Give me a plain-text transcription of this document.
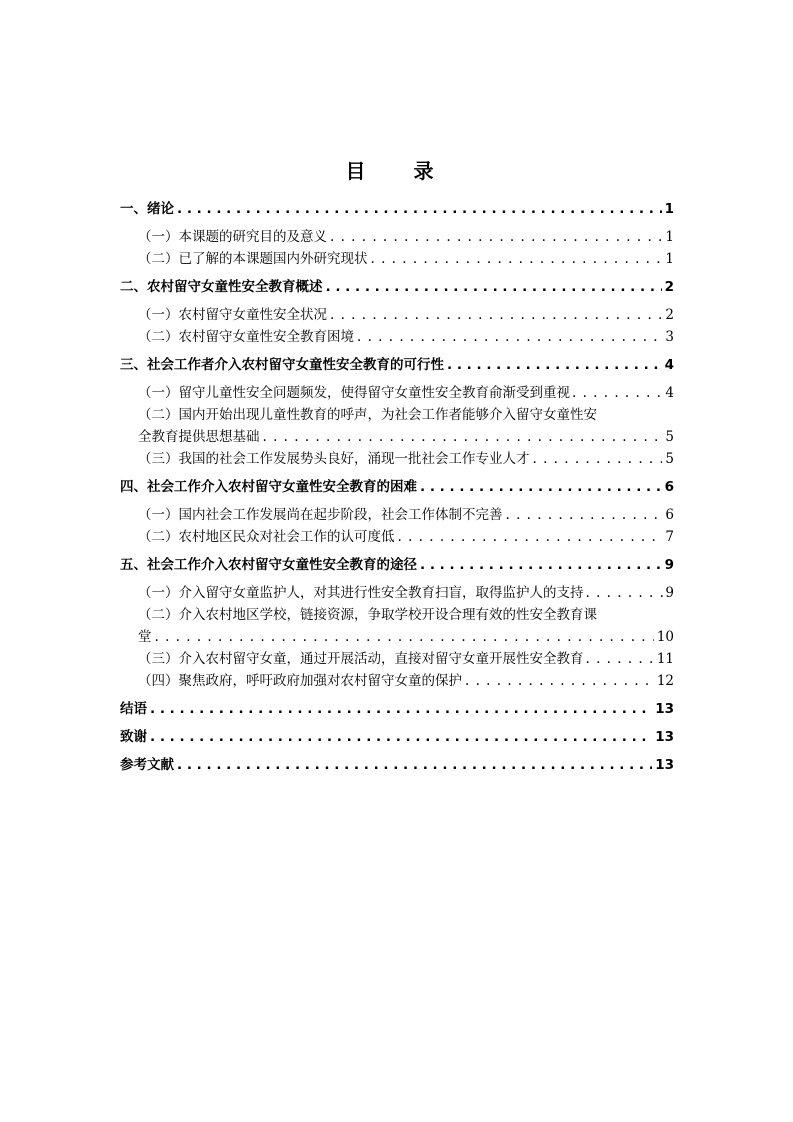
目　录
一、绪论 . . .	1
（一）本课题的研究目的及意义 . . .	1
（二）已了解的本课题国内外研究现状 . . .	1
二、农村留守女童性安全教育概述 . . .	2
（一）农村留守女童性安全状况 . . .	2
（二）农村留守女童性安全教育困境 . . .	3
三、社会工作者介入农村留守女童性安全教育的可行性 . . .	4
（一）留守儿童性安全问题频发，使得留守女童性安全教育俞渐受到重视 . . .	4
（二）国内开始出现儿童性教育的呼声，为社会工作者能够介入留守女童性安
全教育提供思想基础 . . .	5
（三）我国的社会工作发展势头良好，涌现一批社会工作专业人才 . . .	5
四、社会工作介入农村留守女童性安全教育的困难 . . .	6
（一）国内社会工作发展尚在起步阶段，社会工作体制不完善 . . .	6
（二）农村地区民众对社会工作的认可度低 . . .	7
五、社会工作介入农村留守女童性安全教育的途径 . . .	9
（一）介入留守女童监护人，对其进行性安全教育扫盲，取得监护人的支持 . . .	9
（二）介入农村地区学校，链接资源，争取学校开设合理有效的性安全教育课
堂 . . .	10
（三）介入农村留守女童，通过开展活动，直接对留守女童开展性安全教育 . . .	11
（四）聚焦政府，呼吁政府加强对农村留守女童的保护 . . .	12
结语 . . .	13
致谢 . . .	13
参考文献 . . .	13
